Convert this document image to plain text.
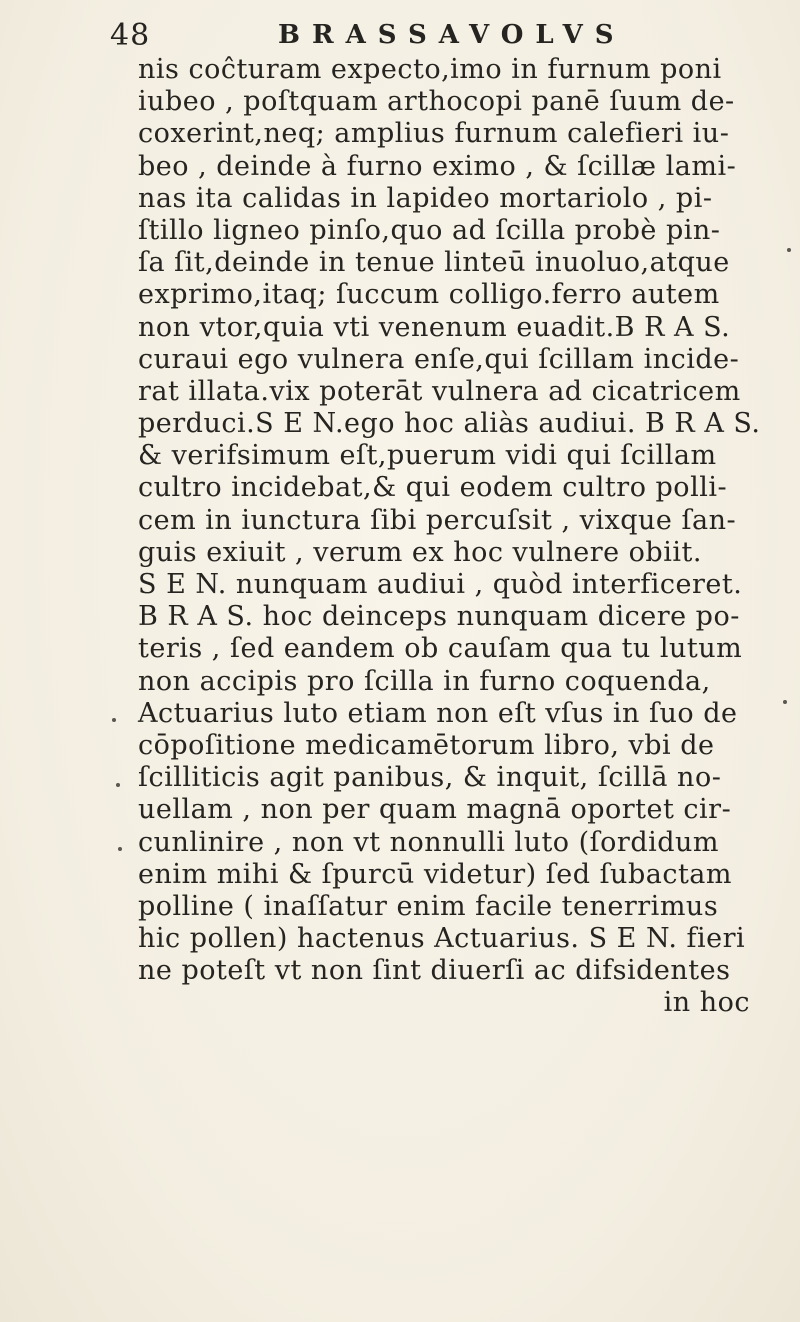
48	BRASSAVOLVS
nis coĉturam expecto,imo in furnum poni
iubeo , poſtquam arthocopi panē ſuum de-
coxerint,neq; amplius furnum calefieri iu-
beo , deinde à furno eximo , & ſcillæ lami-
nas ita calidas in lapideo mortariolo , pi-
ſtillo ligneo pinſo,quo ad ſcilla probè pin-
ſa ſit,deinde in tenue linteū inuoluo,atque
exprimo,itaq; ſuccum colligo.ferro autem
non vtor,quia vti venenum euadit.B R A S.
curaui ego vulnera enſe,qui ſcillam incide-
rat illata.vix poterāt vulnera ad cicatricem
perduci.S E N.ego hoc aliàs audiui. B R A S.
& verifsimum eſt,puerum vidi qui ſcillam
cultro incidebat,& qui eodem cultro polli-
cem in iunctura ſibi percuſsit , vixque ſan-
guis exiuit , verum ex hoc vulnere obiit.
S E N. nunquam audiui , quòd interficeret.
B R A S. hoc deinceps nunquam dicere po-
teris , ſed eandem ob cauſam qua tu lutum
non accipis pro ſcilla in furno coquenda,
Actuarius luto etiam non eſt vſus in ſuo de
cōpoſitione medicamētorum libro, vbi de
ſcilliticis agit panibus, & inquit, ſcillā no-
uellam , non per quam magnā oportet cir-
cunlinire , non vt nonnulli luto (ſordidum
enim mihi & ſpurcū videtur) ſed ſubactam
polline ( inaſſatur enim facile tenerrimus
hic pollen) hactenus Actuarius. S E N. fieri
ne poteſt vt non ſint diuerſi ac difsidentes
in hoc
